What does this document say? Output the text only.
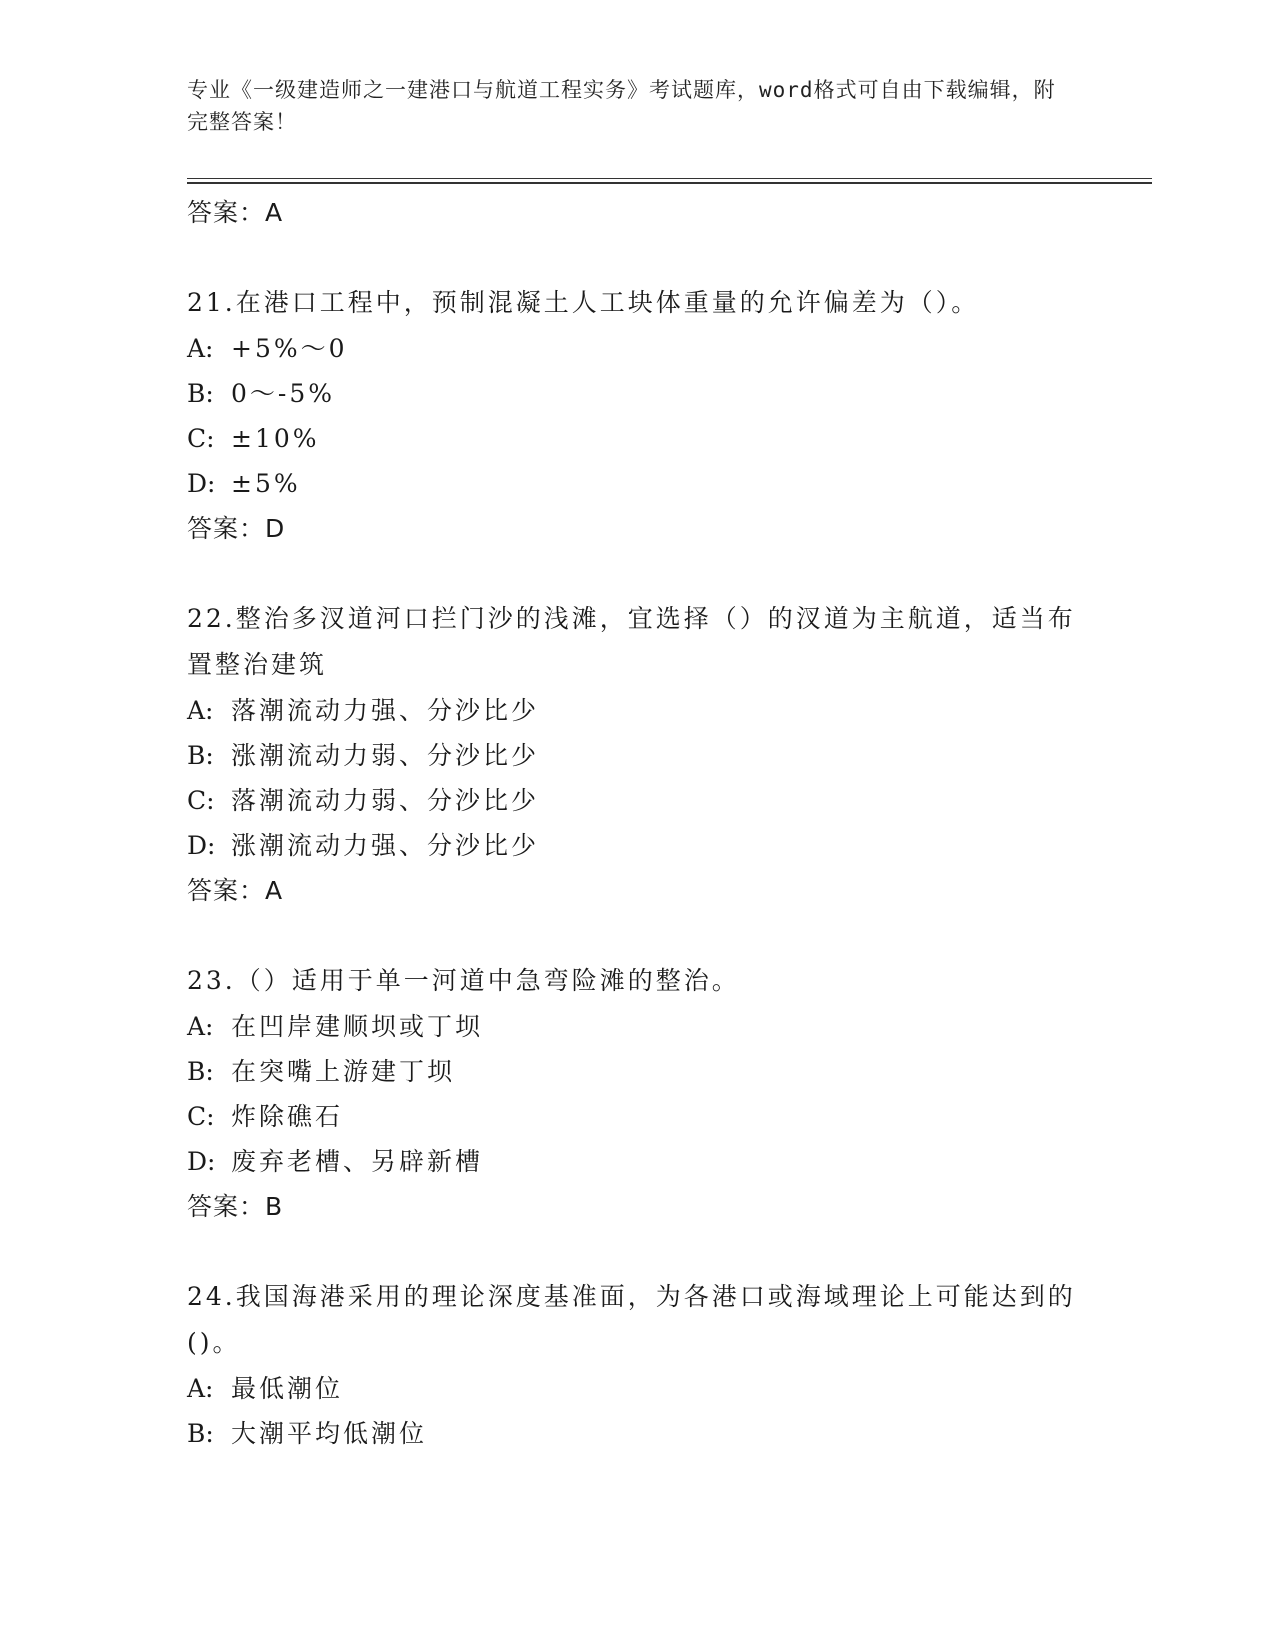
专业《一级建造师之一建港口与航道工程实务》考试题库，word格式可自由下载编辑，附完整答案！
答案：A
21.在港口工程中，预制混凝土人工块体重量的允许偏差为（）。
A: +5%～0
B: 0～-5%
C: ±10%
D: ±5%
答案：D
22.整治多汊道河口拦门沙的浅滩，宜选择（）的汊道为主航道，适当布置整治建筑
A: 落潮流动力强、分沙比少
B: 涨潮流动力弱、分沙比少
C: 落潮流动力弱、分沙比少
D: 涨潮流动力强、分沙比少
答案：A
23.（）适用于单一河道中急弯险滩的整治。
A: 在凹岸建顺坝或丁坝
B: 在突嘴上游建丁坝
C: 炸除礁石
D: 废弃老槽、另辟新槽
答案：B
24.我国海港采用的理论深度基准面，为各港口或海域理论上可能达到的()。
A: 最低潮位
B: 大潮平均低潮位
